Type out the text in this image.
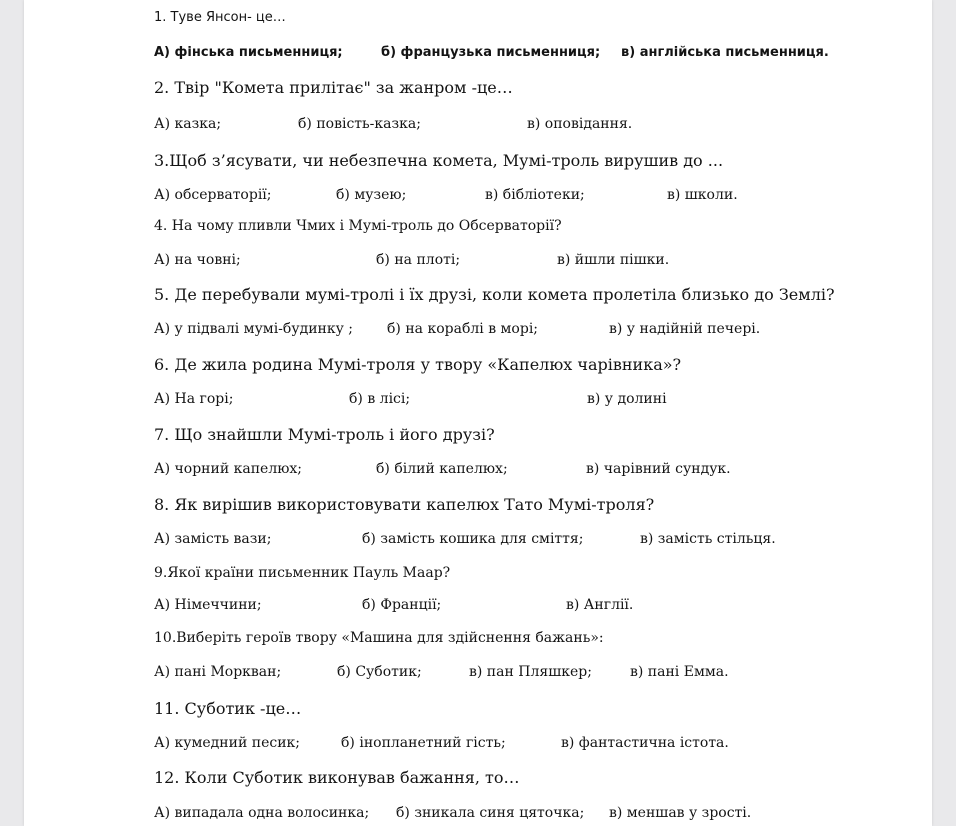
1. Туве Янсон- це…
А) фінська письменниця;	б) французька письменниця; в) англійська письменниця.
2. Твір "Комета прилітає" за жанром -це…
А) казка;	б) повість-казка;	в) оповідання.
3.Щоб з’ясувати, чи небезпечна комета, Мумі-троль вирушив до ...
А) обсерваторії;	б) музею;	в) бібліотеки;	в) школи.
4. На чому пливли Чмих і Мумі-троль до Обсерваторії?
А) на човні;	б) на плоті;	в) йшли пішки.
5. Де перебували мумі-тролі і їх друзі, коли комета пролетіла близько до Землі?
А) у підвалі мумі-будинку ; б) на кораблі в морі;	в) у надійній печері.
6. Де жила родина Мумі-троля у твору «Капелюх чарівника»?
А) На горі;	б) в лісі;	в) у долині
7. Що знайшли Мумі-троль і його друзі?
А) чорний капелюх;	б) білий капелюх;	в) чарівний сундук.
8. Як вирішив використовувати капелюх Тато Мумі-троля?
А) замість вази;	б) замість кошика для сміття;	в) замість стільця.
9.Якої країни письменник Пауль Маар?
А) Німеччини;	б) Франції;	в) Англії.
10.Виберіть героїв твору «Машина для здійснення бажань»:
А) пані Моркван;	б) Суботик;	в) пан Пляшкер;	в) пані Емма.
11. Суботик -це…
А) кумедний песик;	б) інопланетний гість;	в) фантастична істота.
12. Коли Суботик виконував бажання, то…
А) випадала одна волосинка; б) зникала синя цяточка; в) меншав у зрості.
